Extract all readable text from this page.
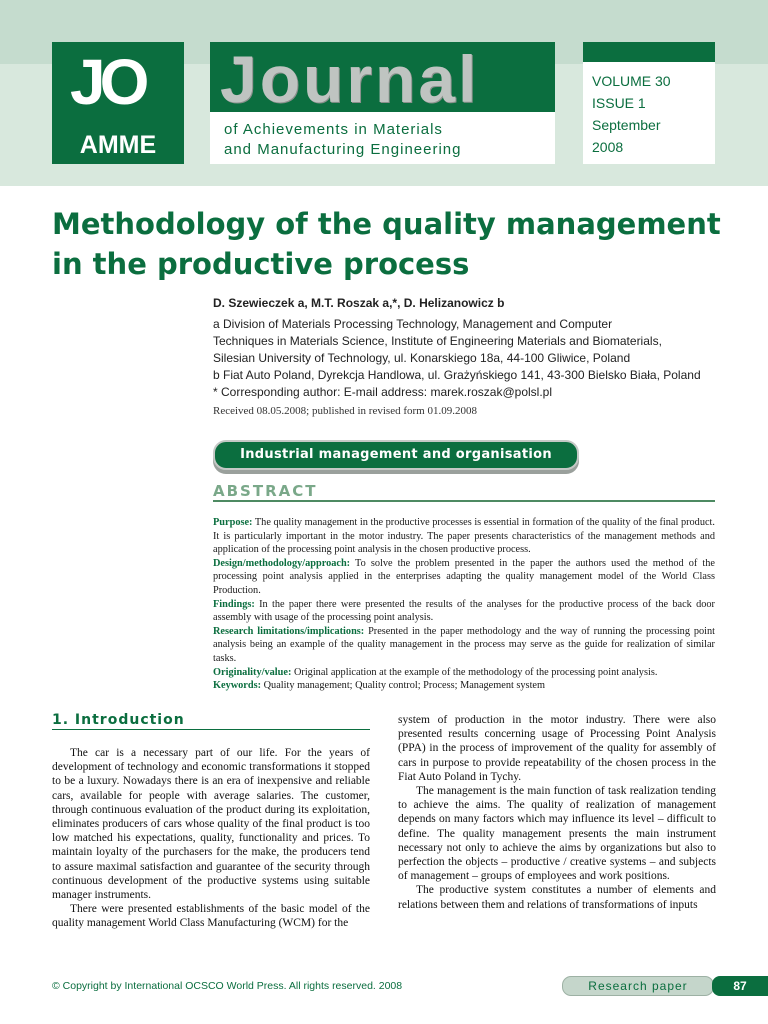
JO
AMME
Journal
of Achievements in Materials
and Manufacturing Engineering
VOLUME 30
ISSUE 1
September
2008
Methodology of the quality management in the productive process
D. Szewieczek a, M.T. Roszak a,*, D. Helizanowicz b
a Division of Materials Processing Technology, Management and Computer
Techniques in Materials Science, Institute of Engineering Materials and Biomaterials,
Silesian University of Technology, ul. Konarskiego 18a, 44-100 Gliwice, Poland
b Fiat Auto Poland, Dyrekcja Handlowa, ul. Grażyńskiego 141, 43-300 Bielsko Biała, Poland
* Corresponding author: E-mail address: marek.roszak@polsl.pl
Received 08.05.2008; published in revised form 01.09.2008
Industrial management and organisation
ABSTRACT

Purpose: The quality management in the productive processes is essential in formation of the quality of the final product. It is particularly important in the motor industry. The paper presents characteristics of the management methods and application of the processing point analysis in the chosen productive process.

Design/methodology/approach: To solve the problem presented in the paper the authors used the method of the processing point analysis applied in the enterprises adapting the quality management model of the World Class Production.

Findings: In the paper there were presented the results of the analyses for the productive process of the back door assembly with usage of the processing point analysis.

Research limitations/implications: Presented in the paper methodology and the way of running the processing point analysis being an example of the quality management in the process may serve as the guide for realization of similar tasks.

Originality/value: Original application at the example of the methodology of the processing point analysis.

Keywords: Quality management; Quality control; Process; Management system

1. Introduction

The car is a necessary part of our life. For the years of development of technology and economic transformations it stopped to be a luxury. Nowadays there is an era of inexpensive and reliable cars, available for people with average salaries. The customer, through continuous evaluation of the product during its exploitation, eliminates producers of cars whose quality of the final product is too low matched his expectations, quality, functionality and prices. To maintain loyalty of the purchasers for the make, the producers tend to assure maximal satisfaction and guarantee of the security through continuous development of the productive systems using suitable manager instruments.

There were presented establishments of the basic model of the quality management World Class Manufacturing (WCM) for the

system of production in the motor industry. There were also presented results concerning usage of Processing Point Analysis (PPA) in the process of improvement of the quality for assembly of cars in purpose to provide repeatability of the chosen process in the Fiat Auto Poland in Tychy.

The management is the main function of task realization tending to achieve the aims. The quality of realization of management depends on many factors which may influence its level – difficult to define. The quality management presents the main instrument necessary not only to achieve the aims by organizations but also to perfection the objects – productive / creative systems – and subjects of management – groups of employees and work positions.

The productive system constitutes a number of elements and relations between them and relations of transformations of inputs

© Copyright by International OCSCO World Press. All rights reserved. 2008	Research paper	87
